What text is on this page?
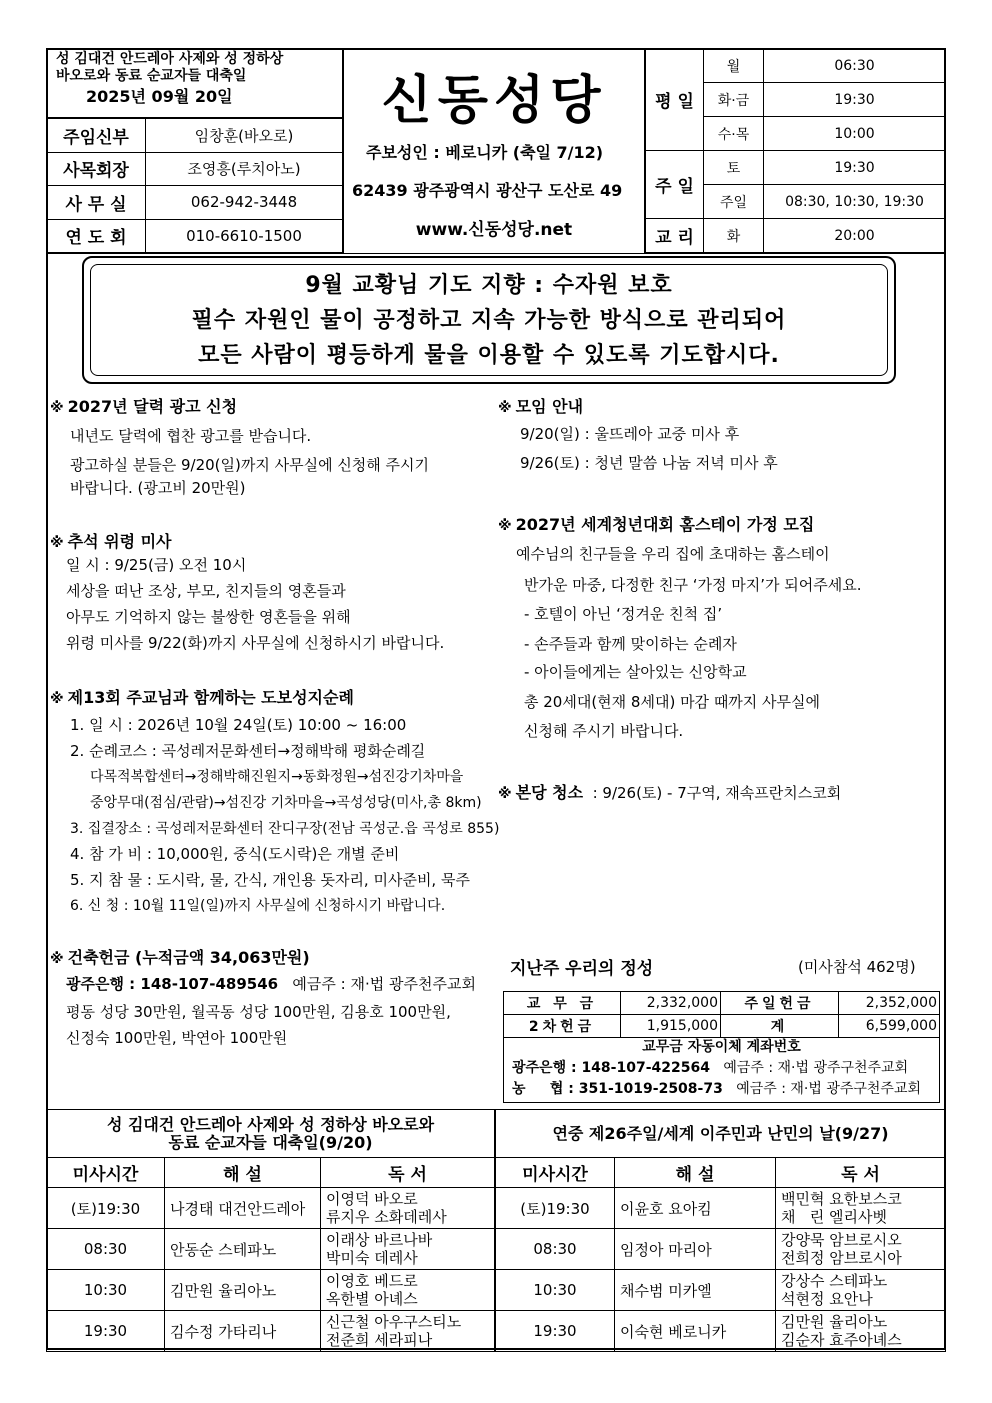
성 김대건 안드레아 사제와 성 정하상
바오로와 동료 순교자들 대축일
2025년 09월 20일
주임신부	임창훈(바오로)
사목회장	조영흥(루치아노)
사 무 실	062-942-3448
연 도 회	010-6610-1500
신동성당
주보성인 : 베로니카 (축일 7/12)
62439 광주광역시 광산구 도산로 49
www.신동성당.net
평 일	월	06:30
	화·금	19:30
	수·목	10:00
주 일	토	19:30
	주일	08:30, 10:30, 19:30
교 리	화	20:00
9월 교황님 기도 지향 : 수자원 보호
필수 자원인 물이 공정하고 지속 가능한 방식으로 관리되어
모든 사람이 평등하게 물을 이용할 수 있도록 기도합시다.
※ 2027년 달력 광고 신청
내년도 달력에 협찬 광고를 받습니다.
광고하실 분들은 9/20(일)까지 사무실에 신청해 주시기
바랍니다. (광고비 20만원)
※ 추석 위령 미사
일 시 : 9/25(금) 오전 10시
세상을 떠난 조상, 부모, 친지들의 영혼들과
아무도 기억하지 않는 불쌍한 영혼들을 위해
위령 미사를 9/22(화)까지 사무실에 신청하시기 바랍니다.
※ 제13회 주교님과 함께하는 도보성지순례
1. 일 시 : 2026년 10월 24일(토) 10:00 ~ 16:00
2. 순례코스 : 곡성레저문화센터→정해박해 평화순례길
다목적복합센터→정해박해진원지→동화정원→섬진강기차마을
중앙무대(점심/관람)→섬진강 기차마을→곡성성당(미사,총 8km)
3. 집결장소 : 곡성레저문화센터 잔디구장(전남 곡성군.읍 곡성로 855)
4. 참 가 비 : 10,000원, 중식(도시락)은 개별 준비
5. 지 참 물 : 도시락, 물, 간식, 개인용 돗자리, 미사준비, 묵주
6. 신 청 : 10월 11일(일)까지 사무실에 신청하시기 바랍니다.
※ 건축헌금 (누적금액 34,063만원)
광주은행 : 148-107-489546 예금주 : 재·법 광주천주교회
평동 성당 30만원, 월곡동 성당 100만원, 김용호 100만원,
신정숙 100만원, 박연아 100만원
※ 모임 안내
9/20(일) : 울뜨레아 교중 미사 후
9/26(토) : 청년 말씀 나눔 저녁 미사 후
※ 2027년 세계청년대회 홈스테이 가정 모집
예수님의 친구들을 우리 집에 초대하는 홈스테이
반가운 마중, 다정한 친구 ‘가정 마지’가 되어주세요.
- 호텔이 아닌 ‘정겨운 친척 집’
- 손주들과 함께 맞이하는 순례자
- 아이들에게는 살아있는 신앙학교
총 20세대(현재 8세대) 마감 때까지 사무실에
신청해 주시기 바랍니다.
※ 본당 청소 : 9/26(토) - 7구역, 재속프란치스코회
지난주 우리의 정성	(미사참석 462명)
교 무 금	2,332,000	주일헌금	2,352,000
2차헌금	1,915,000	계	6,599,000
교무금 자동이체 계좌번호
광주은행 : 148-107-422564 예금주 : 재·법 광주구천주교회
농     협 : 351-1019-2508-73 예금주 : 재·법 광주구천주교회
성 김대건 안드레아 사제와 성 정하상 바오로와 동료 순교자들 대축일(9/20)		
미사시간	해 설	독 서
(토)19:30	나경태 대건안드레아	이영덕 바오로
류지우 소화데레사

08:30	안동순 스테파노	이래상 바르나바
박미숙 데레사

10:30	김만원 율리아노	이영호 베드로
옥한별 아녜스

19:30	김수정 가타리나	신근철 아우구스티노
전준희 세라피나
연중 제26주일/세계 이주민과 난민의 날(9/27)		
미사시간	해 설	독 서
(토)19:30	이윤호 요아킴	백민혁 요한보스코
채   린 엘리사벳

08:30	임정아 마리아	강양묵 암브로시오
전희정 암브로시아

10:30	채수범 미카엘	강상수 스테파노
석현정 요안나

19:30	이숙현 베로니카	김만원 율리아노
김순자 효주아녜스
